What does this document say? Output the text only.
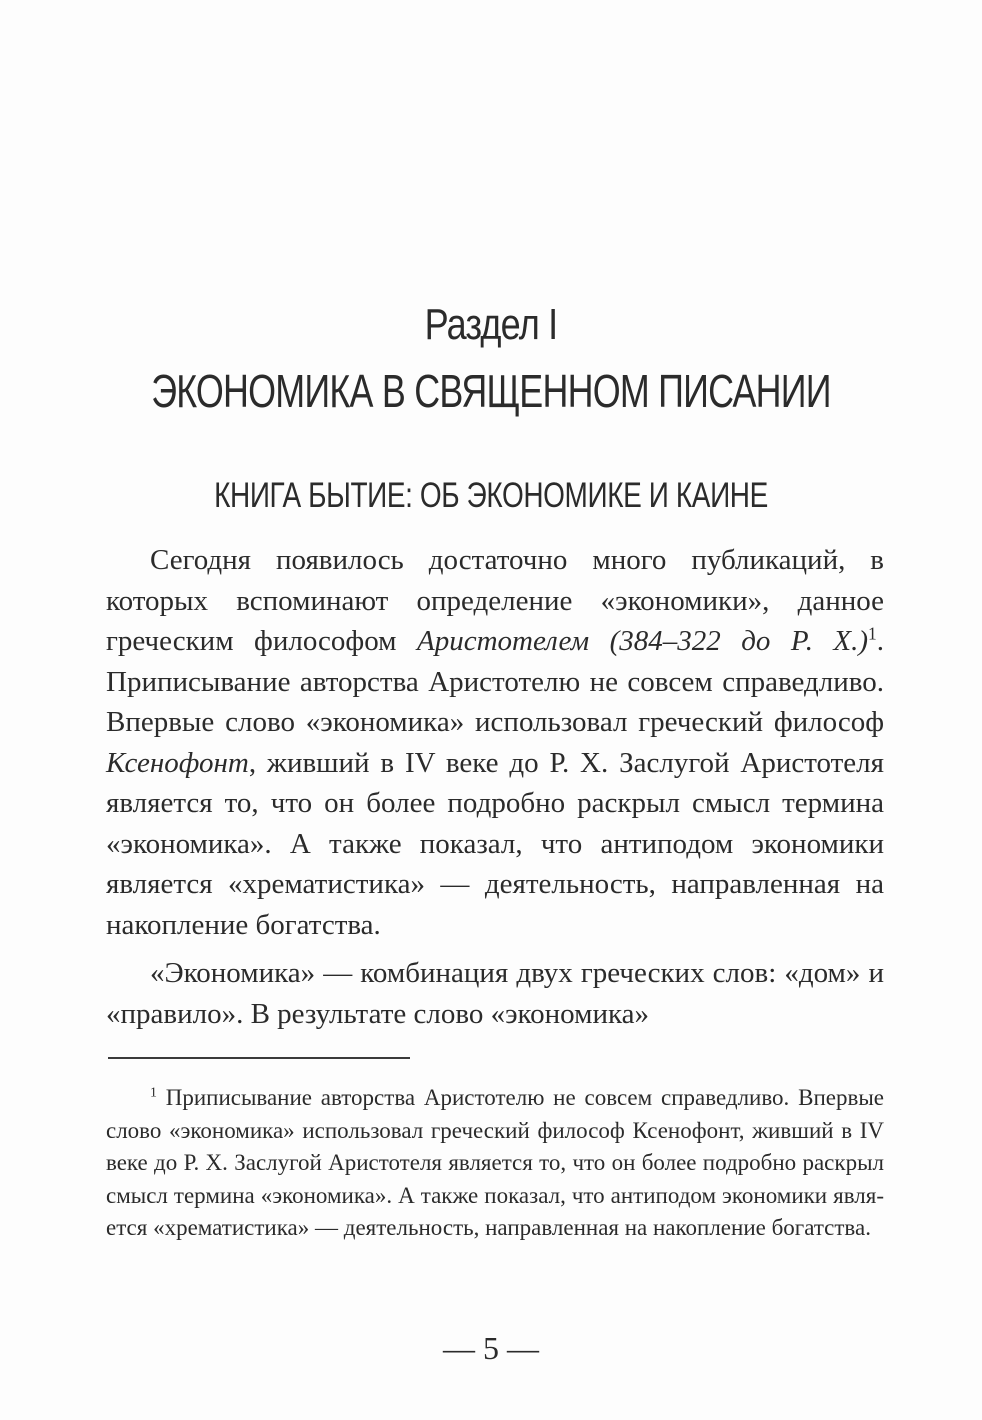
Раздел I
ЭКОНОМИКА В СВЯЩЕННОМ ПИСАНИИ
КНИГА БЫТИЕ: ОБ ЭКОНОМИКЕ И КАИНЕ

Сегодня появилось достаточно много публикаций, в которых вспоминают определение «экономики», данное греческим философом Аристотелем (384–322 до Р. Х.)$^1$. Приписывание авторства Аристотелю не совсем справедливо. Впервые слово «экономика» использовал греческий философ Ксенофонт, живший в IV веке до Р. Х. Заслугой Аристотеля является то, что он более подробно раскрыл смысл термина «экономика». А также показал, что антиподом экономики является «хрематистика» — деятельность, направленная на накопление богатства.

«Экономика» — комбинация двух греческих слов: «дом» и «правило». В результате слово «экономика»

$^1$ Приписывание авторства Аристотелю не совсем справедливо. Впервые слово «экономика» использовал греческий философ Ксенофонт, живший в IV веке до Р. Х. Заслугой Аристотеля является то, что он более подробно раскрыл смысл термина «экономика». А также показал, что антиподом экономики является «хрематистика» — деятельность, направленная на накопление богатства.
— 5 —
